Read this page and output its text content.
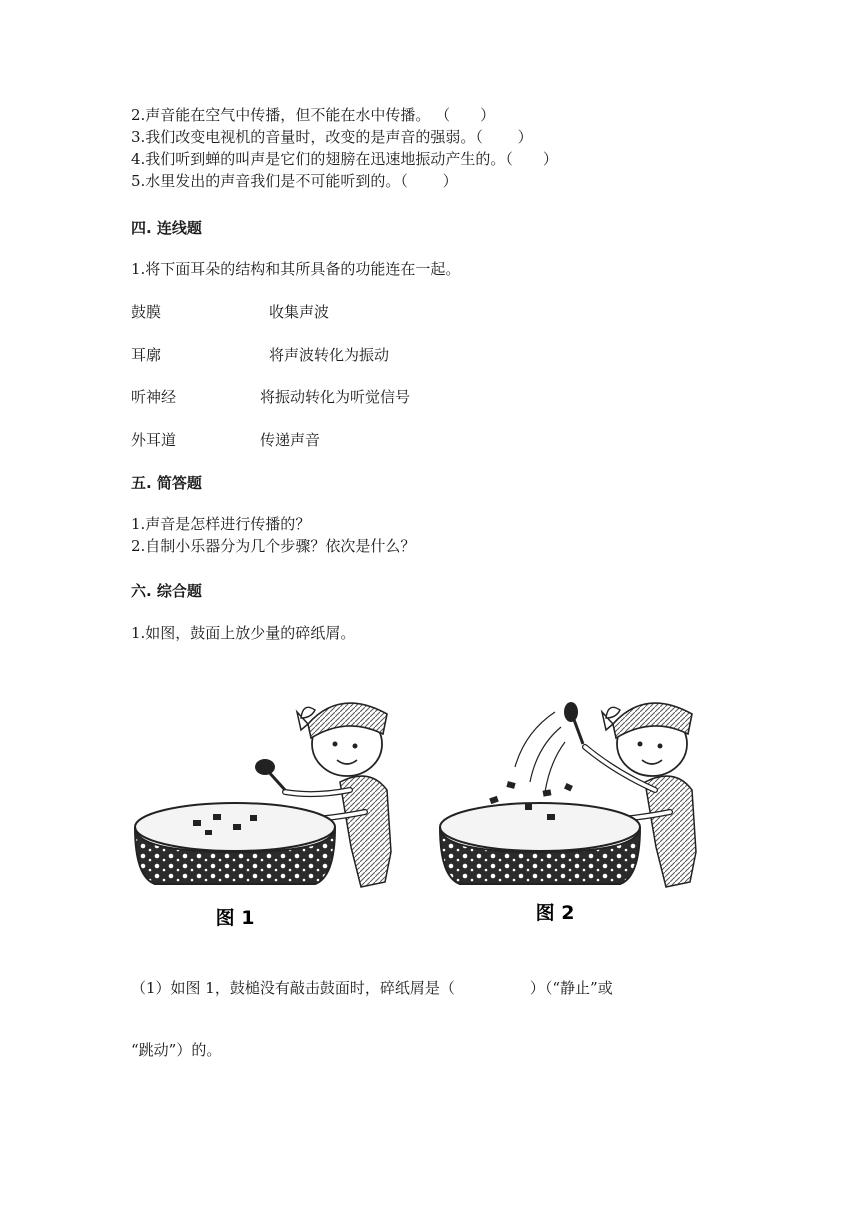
2.声音能在空气中传播，但不能在水中传播。 （　　）
3.我们改变电视机的音量时，改变的是声音的强弱。（　　 ）
4.我们听到蝉的叫声是它们的翅膀在迅速地振动产生的。（　　）
5.水里发出的声音我们是不可能听到的。（　　 ）
四. 连线题
1.将下面耳朵的结构和其所具备的功能连在一起。
鼓膜	收集声波
耳廓	将声波转化为振动
听神经	将振动转化为听觉信号
外耳道	传递声音
五. 简答题
1.声音是怎样进行传播的？
2.自制小乐器分为几个步骤？依次是什么？
六. 综合题
1.如图，鼓面上放少量的碎纸屑。
图 1	图 2
（1）如图 1，鼓槌没有敲击鼓面时，碎纸屑是（　　　　　）（“静止”或
“跳动”）的。
